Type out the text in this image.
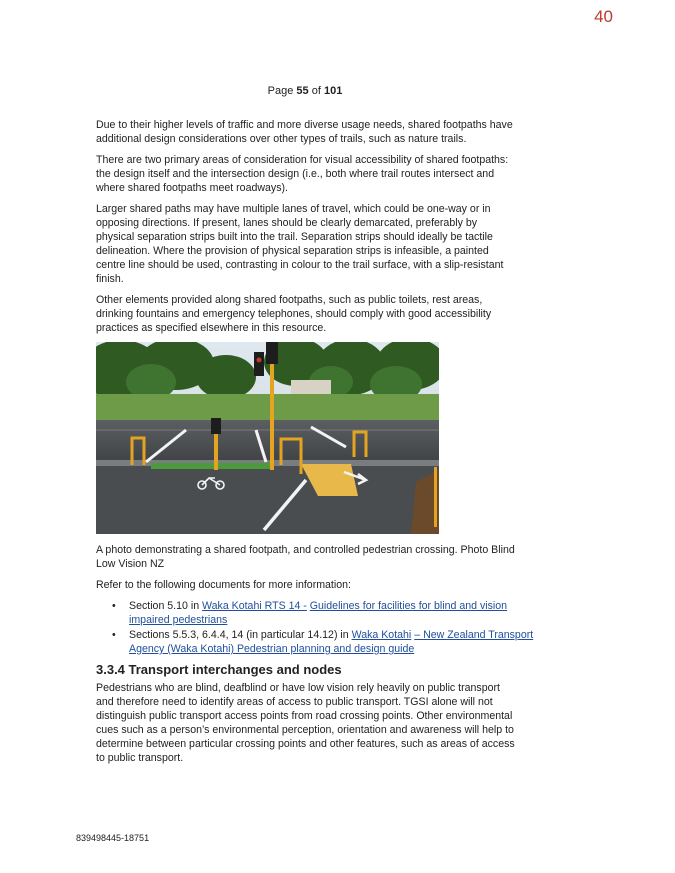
40
Page 55 of 101

Due to their higher levels of traffic and more diverse usage needs, shared footpaths have additional design considerations over other types of trails, such as nature trails.

There are two primary areas of consideration for visual accessibility of shared footpaths: the design itself and the intersection design (i.e., both where trail routes intersect and where shared footpaths meet roadways).

Larger shared paths may have multiple lanes of travel, which could be one-way or in opposing directions. If present, lanes should be clearly demarcated, preferably by physical separation strips built into the trail. Separation strips should ideally be tactile delineation. Where the provision of physical separation strips is infeasible, a painted centre line should be used, contrasting in colour to the trail surface, with a slip-resistant finish.

Other elements provided along shared footpaths, such as public toilets, rest areas, drinking fountains and emergency telephones, should comply with good accessibility practices as specified elsewhere in this resource.

A photo demonstrating a shared footpath, and controlled pedestrian crossing. Photo Blind Low Vision NZ

Refer to the following documents for more information:

• Section 5.10 in Waka Kotahi RTS 14 - Guidelines for facilities for blind and vision impaired pedestrians
• Sections 5.5.3, 6.4.4, 14 (in particular 14.12) in Waka Kotahi – New Zealand Transport Agency (Waka Kotahi) Pedestrian planning and design guide
3.3.4 Transport interchanges and nodes

Pedestrians who are blind, deafblind or have low vision rely heavily on public transport and therefore need to identify areas of access to public transport. TGSI alone will not distinguish public transport access points from road crossing points. Other environmental cues such as a person’s environmental perception, orientation and awareness will help to determine between particular crossing points and other features, such as areas of access to public transport.

839498445-18751
